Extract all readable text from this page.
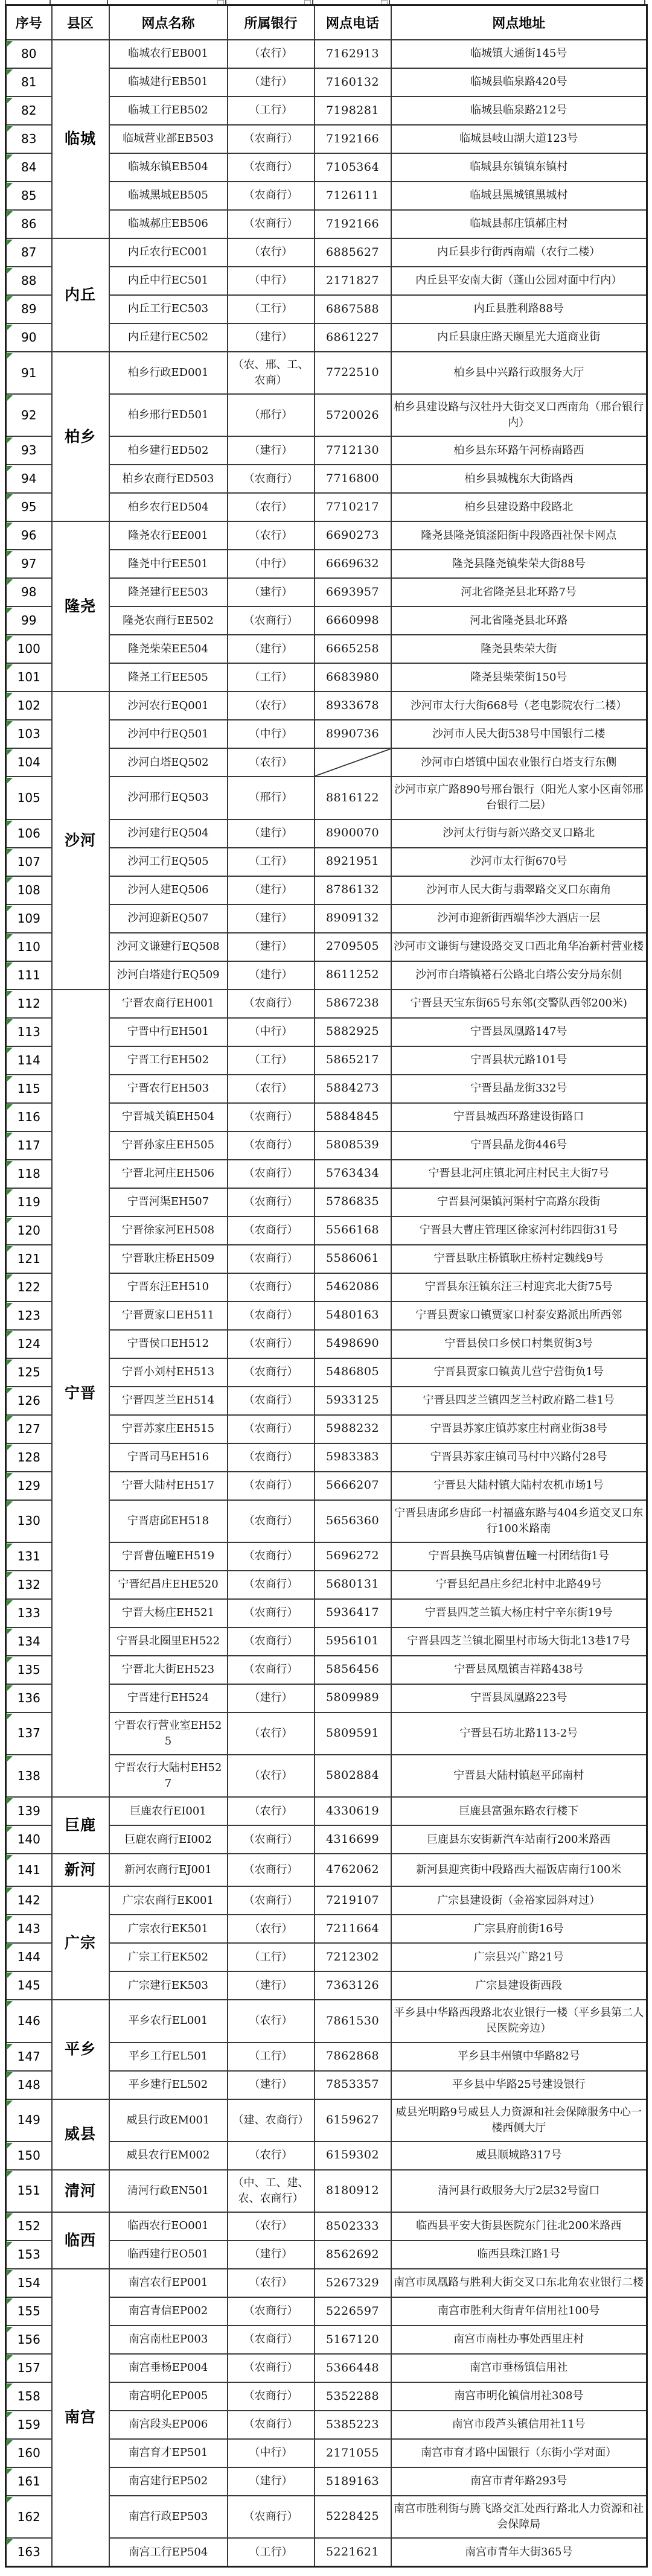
序号	县区	网点名称	所属银行	网点电话	网点地址
80	临城	临城农行EB001	（农行）	7162913	临城镇大通街145号
81		临城建行EB501	（建行）	7160132	临城县临泉路420号
82		临城工行EB502	（工行）	7198281	临城县临泉路212号
83		临城营业部EB503	（农商行）	7192166	临城县岐山湖大道123号
84		临城东镇EB504	（农商行）	7105364	临城县东镇镇东镇村
85		临城黑城EB505	（农商行）	7126111	临城县黑城镇黑城村
86		临城郝庄EB506	（农商行）	7192166	临城县郝庄镇郝庄村
87	内丘	内丘农行EC001	（农行）	6885627	内丘县步行街西南端（农行二楼）
88		内丘中行EC501	（中行）	2171827	内丘县平安南大街（蓬山公园对面中行内）
89		内丘工行EC503	（工行）	6867588	内丘县胜利路88号
90		内丘建行EC502	（建行）	6861227	内丘县康庄路天颐星光大道商业街
91	柏乡	柏乡行政ED001	（农、邢、工、农商）	7722510	柏乡县中兴路行政服务大厅
92		柏乡邢行ED501	（邢行）	5720026	柏乡县建设路与汉牡丹大街交叉口西南角（邢台银行内）
93		柏乡建行ED502	（建行）	7712130	柏乡县东环路午河桥南路西
94		柏乡农商行ED503	（农商行）	7716800	柏乡县城槐东大街路西
95		柏乡农行ED504	（农行）	7710217	柏乡县建设路中段路北
96	隆尧	隆尧农行EE001	（农行）	6690273	隆尧县隆尧镇滏阳街中段路西社保卡网点
97		隆尧中行EE501	（中行）	6669632	隆尧县隆尧镇柴荣大街88号
98		隆尧建行EE503	（建行）	6693957	河北省隆尧县北环路7号
99		隆尧农商行EE502	（农商行）	6660998	河北省隆尧县北环路
100		隆尧柴荣EE504	（建行）	6665258	隆尧县柴荣大街
101		隆尧工行EE505	（工行）	6683980	隆尧县柴荣街150号
102	沙河	沙河农行EQ001	（农行）	8933678	沙河市太行大街668号（老电影院农行二楼）
103		沙河中行EQ501	（中行）	8990736	沙河市人民大街538号中国银行二楼
104		沙河白塔EQ502	（农行）		沙河市白塔镇中国农业银行白塔支行东侧
105		沙河邢行EQ503	（邢行）	8816122	沙河市京广路890号邢台银行（阳光人家小区南邻邢台银行二层）
106		沙河建行EQ504	（建行）	8900070	沙河太行街与新兴路交叉口路北
107		沙河工行EQ505	（工行）	8921951	沙河市太行街670号
108		沙河人建EQ506	（建行）	8786132	沙河市人民大街与翡翠路交叉口东南角
109		沙河迎新EQ507	（建行）	8909132	沙河市迎新街西端华沙大酒店一层
110		沙河文谦建行EQ508	（建行）	2709505	沙河市文谦街与建设路交叉口西北角华冶新村营业楼
111		沙河白塔建行EQ509	（建行）	8611252	沙河市白塔镇褡石公路北白塔公安分局东侧
112	宁晋	宁晋农商行EH001	（农商行）	5867238	宁晋县天宝东街65号东邻(交警队西邻200米)
113		宁晋中行EH501	（中行）	5882925	宁晋县凤凰路147号
114		宁晋工行EH502	（工行）	5865217	宁晋县状元路101号
115		宁晋农行EH503	（农行）	5884273	宁晋县晶龙街332号
116		宁晋城关镇EH504	（农商行）	5884845	宁晋县城西环路建设街路口
117		宁晋孙家庄EH505	（农商行）	5808539	宁晋县晶龙街446号
118		宁晋北河庄EH506	（农商行）	5763434	宁晋县北河庄镇北河庄村民主大街7号
119		宁晋河渠EH507	（农商行）	5786835	宁晋县河渠镇河渠村宁高路东段街
120		宁晋徐家河EH508	（农商行）	5566168	宁晋县大曹庄管理区徐家河村纬四街31号
121		宁晋耿庄桥EH509	（农商行）	5586061	宁晋县耿庄桥镇耿庄桥村定魏线9号
122		宁晋东汪EH510	（农商行）	5462086	宁晋县东汪镇东汪三村迎宾北大街75号
123		宁晋贾家口EH511	（农商行）	5480163	宁晋县贾家口镇贾家口村泰安路派出所西邻
124		宁晋侯口EH512	（农商行）	5498690	宁晋县侯口乡侯口村集贸街3号
125		宁晋小刘村EH513	（农商行）	5486805	宁晋县贾家口镇黄儿营宁营街负1号
126		宁晋四芝兰EH514	（农商行）	5933125	宁晋县四芝兰镇四芝兰村政府路二巷1号
127		宁晋苏家庄EH515	（农商行）	5988232	宁晋县苏家庄镇苏家庄村商业街38号
128		宁晋司马EH516	（农商行）	5983383	宁晋县苏家庄镇司马村中兴路付28号
129		宁晋大陆村EH517	（农商行）	5666207	宁晋县大陆村镇大陆村农机市场1号
130		宁晋唐邱EH518	（农商行）	5656360	宁晋县唐邱乡唐邱一村福盛东路与404乡道交叉口东行100米路南
131		宁晋曹伍疃EH519	（农商行）	5696272	宁晋县换马店镇曹伍疃一村团结街1号
132		宁晋纪昌庄EHE520	（农商行）	5680131	宁晋县纪昌庄乡纪北村中北路49号
133		宁晋大杨庄EH521	（农商行）	5936417	宁晋县四芝兰镇大杨庄村宁辛东街19号
134		宁晋县北圈里EH522	（农商行）	5956101	宁晋县四芝兰镇北圈里村市场大街北13巷17号
135		宁晋北大街EH523	（农商行）	5856456	宁晋县凤凰镇吉祥路438号
136		宁晋建行EH524	（建行）	5809989	宁晋县凤凰路223号
137		宁晋农行营业室EH525	（农行）	5809591	宁晋县石坊北路113-2号
138		宁晋农行大陆村EH527	（农行）	5802884	宁晋县大陆村镇赵平邱南村
139	巨鹿	巨鹿农行EI001	（农行）	4330619	巨鹿县富强东路农行楼下
140		巨鹿农商行EI002	（农商行）	4316699	巨鹿县东安街新汽车站南行200米路西
141	新河	新河农商行EJ001	（农商行）	4762062	新河县迎宾街中段路西大福饭店南行100米
142	广宗	广宗农商行EK001	（农商行）	7219107	广宗县建设街（金裕家园斜对过）
143		广宗农行EK501	（农行）	7211664	广宗县府前街16号
144		广宗工行EK502	（工行）	7212302	广宗县兴广路21号
145		广宗建行EK503	（建行）	7363126	广宗县建设街西段
146	平乡	平乡农行EL001	（农行）	7861530	平乡县中华路西段路北农业银行一楼（平乡县第二人民医院旁边）
147		平乡工行EL501	（工行）	7862868	平乡县丰州镇中华路82号
148		平乡建行EL502	（建行）	7853357	平乡县中华路25号建设银行
149	威县	威县行政EM001	（建、农商行）	6159627	威县光明路9号威县人力资源和社会保障服务中心一楼西侧大厅
150		威县农行EM002	（农行）	6159302	威县顺城路317号
151	清河	清河行政EN501	（中、工、建、农、农商行）	8180912	清河县行政服务大厅2层32号窗口
152	临西	临西农行EO001	（农行）	8502333	临西县平安大街县医院东门往北200米路西
153		临西建行EO501	（建行）	8562692	临西县珠江路1号
154	南宫	南宫农行EP001	（农行）	5267329	南宫市凤凰路与胜利大街交叉口东北角农业银行二楼
155		南宫青信EP002	（农商行）	5226597	南宫市胜利大街青年信用社100号
156		南宫南杜EP003	（农商行）	5167120	南宫市南杜办事处西里庄村
157		南宫垂杨EP004	（农商行）	5366448	南宫市垂杨镇信用社
158		南宫明化EP005	（农商行）	5352288	南宫市明化镇信用社308号
159		南宫段头EP006	（农商行）	5385223	南宫市段芦头镇信用社11号
160		南宫育才EP501	（中行）	2171055	南宫市育才路中国银行（东街小学对面）
161		南宫建行EP502	（建行）	5189163	南宫市青年路293号
162		南宫行政EP503	（农商行）	5228425	南宫市胜利街与腾飞路交汇处西行路北人力资源和社会保障局
163		南宫工行EP504	（工行）	5221621	南宫市青年大街365号
